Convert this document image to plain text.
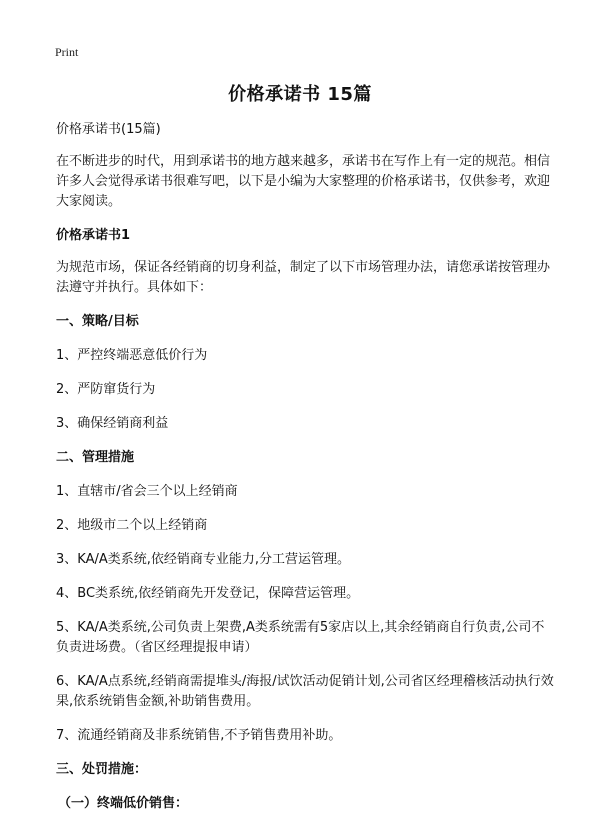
Print
价格承诺书 15篇

价格承诺书(15篇)

在不断进步的时代，用到承诺书的地方越来越多，承诺书在写作上有一定的规范。相信许多人会觉得承诺书很难写吧，以下是小编为大家整理的价格承诺书，仅供参考，欢迎大家阅读。

价格承诺书1

为规范市场，保证各经销商的切身利益，制定了以下市场管理办法，请您承诺按管理办法遵守并执行。具体如下：

一、策略/目标

1、严控终端恶意低价行为

2、严防窜货行为

3、确保经销商利益

二、管理措施

1、直辖市/省会三个以上经销商

2、地级市二个以上经销商

3、KA/A类系统,依经销商专业能力,分工营运管理。

4、BC类系统,依经销商先开发登记，保障营运管理。

5、KA/A类系统,公司负责上架费,A类系统需有5家店以上,其余经销商自行负责,公司不负责进场费。（省区经理提报申请）

6、KA/A点系统,经销商需提堆头/海报/试饮活动促销计划,公司省区经理稽核活动执行效果,依系统销售金额,补助销售费用。

7、流通经销商及非系统销售,不予销售费用补助。

三、处罚措施：

（一）终端低价销售：
